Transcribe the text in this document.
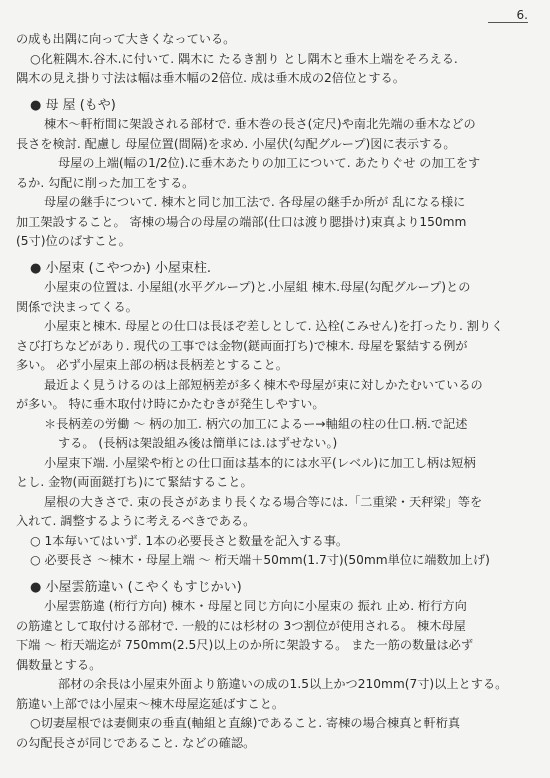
6.
の成も出隅に向って大きくなっている。
○化粧隅木.谷木.に付いて. 隅木に たるき割り とし隅木と垂木上端をそろえる.
隅木の見え掛り寸法は幅は垂木幅の2倍位. 成は垂木成の2倍位とする。
● 母 屋 (もや)
棟木～軒桁間に架設される部材で. 垂木巻の長さ(定尺)や南北先端の垂木などの
長さを検討. 配慮し 母屋位置(間隔)を求め. 小屋伏(勾配グループ)図に表示する。
母屋の上端(幅の1/2位).に垂木あたりの加工について. あたりぐせ の加工をす
るか. 勾配に削った加工をする。
母屋の継手について. 棟木と同じ加工法で. 各母屋の継手か所が 乱になる様に
加工架設すること。 寄棟の場合の母屋の端部(仕口は渡り腮掛け)束真より150mm
(5寸)位のばすこと。
● 小屋束 (こやつか) 小屋束柱.
小屋束の位置は. 小屋組(水平グループ)と.小屋組 棟木.母屋(勾配グループ)との
関係で決まってくる。
小屋束と棟木. 母屋との仕口は長ほぞ差しとして. 込栓(こみせん)を打ったり. 割りく
さび打ちなどがあり. 現代の工事では金物(鎹両面打ち)で棟木. 母屋を緊結する例が
多い。 必ず小屋束上部の柄は長柄差とすること。
最近よく見うけるのは上部短柄差が多く棟木や母屋が束に対しかたむいているの
が多い。 特に垂木取付け時にかたむきが発生しやすい。
＊長柄差の労働 ～ 柄の加工. 柄穴の加工によるー→軸組の柱の仕口.柄.で記述
する。 (長柄は架設組み後は簡単には.はずせない。)
小屋束下端. 小屋梁や桁との仕口面は基本的には水平(レベル)に加工し柄は短柄
とし. 金物(両面鎹打ち)にて緊結すること。
屋根の大きさで. 束の長さがあまり長くなる場合等には.「二重梁・天秤梁」等を
入れて. 調整するように考えるべきである。
○ 1本毎いてはいず. 1本の必要長さと数量を記入する事。
○ 必要長さ ～棟木・母屋上端 ～ 桁天端＋50mm(1.7寸)(50mm単位に端数加上げ)
● 小屋雲筋違い (こやくもすじかい)
小屋雲筋違 (桁行方向) 棟木・母屋と同じ方向に小屋束の 振れ 止め. 桁行方向
の筋違として取付ける部材で. 一般的には杉材の 3つ割位が使用される。 棟木母屋
下端 ～ 桁天端迄が 750mm(2.5尺)以上のか所に架設する。 また一筋の数量は必ず
偶数量とする。
部材の余長は小屋束外面より筋違いの成の1.5以上かつ210mm(7寸)以上とする。
筋違い上部では小屋束～棟木母屋迄延ばすこと。
○切妻屋根では妻側束の垂直(軸組と直線)であること. 寄棟の場合棟真と軒桁真
の勾配長さが同じであること. などの確認。
